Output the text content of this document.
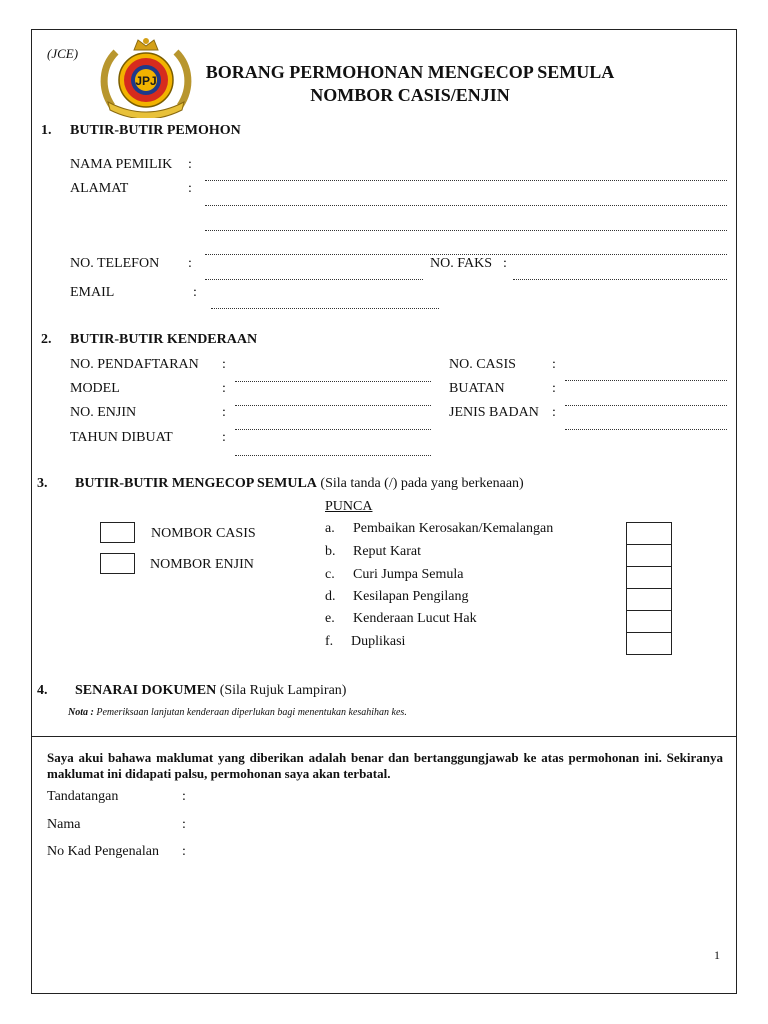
(JCE)
JPJ	BORANG PERMOHONAN MENGECOP SEMULA
NOMBOR CASIS/ENJIN
1. BUTIR-BUTIR PEMOHON
NAMA PEMILIK :
ALAMAT	:
NO. TELEFON :	NO. FAKS :
EMAIL	:
2. BUTIR-BUTIR KENDERAAN
NO. PENDAFTARAN :
MODEL	:
NO. ENJIN	:
TAHUN DIBUAT	:
NO. CASIS	:
BUATAN	:
JENIS BADAN :
3. BUTIR-BUTIR MENGECOP SEMULA (Sila tanda (/) pada yang berkenaan)
NOMBOR CASIS
NOMBOR ENJIN
PUNCA
a. Pembaikan Kerosakan/Kemalangan
b. Reput Karat
c. Curi Jumpa Semula
d. Kesilapan Pengilang
e. Kenderaan Lucut Hak
f. Duplikasi
4. SENARAI DOKUMEN (Sila Rujuk Lampiran)
Nota : Pemeriksaan lanjutan kenderaan diperlukan bagi menentukan kesahihan kes.
Saya akui bahawa maklumat yang diberikan adalah benar dan bertanggungjawab ke atas permohonan ini. Sekiranya maklumat ini didapati palsu, permohonan saya akan terbatal.
Tandatangan	:
Nama	:
No Kad Pengenalan :
1
